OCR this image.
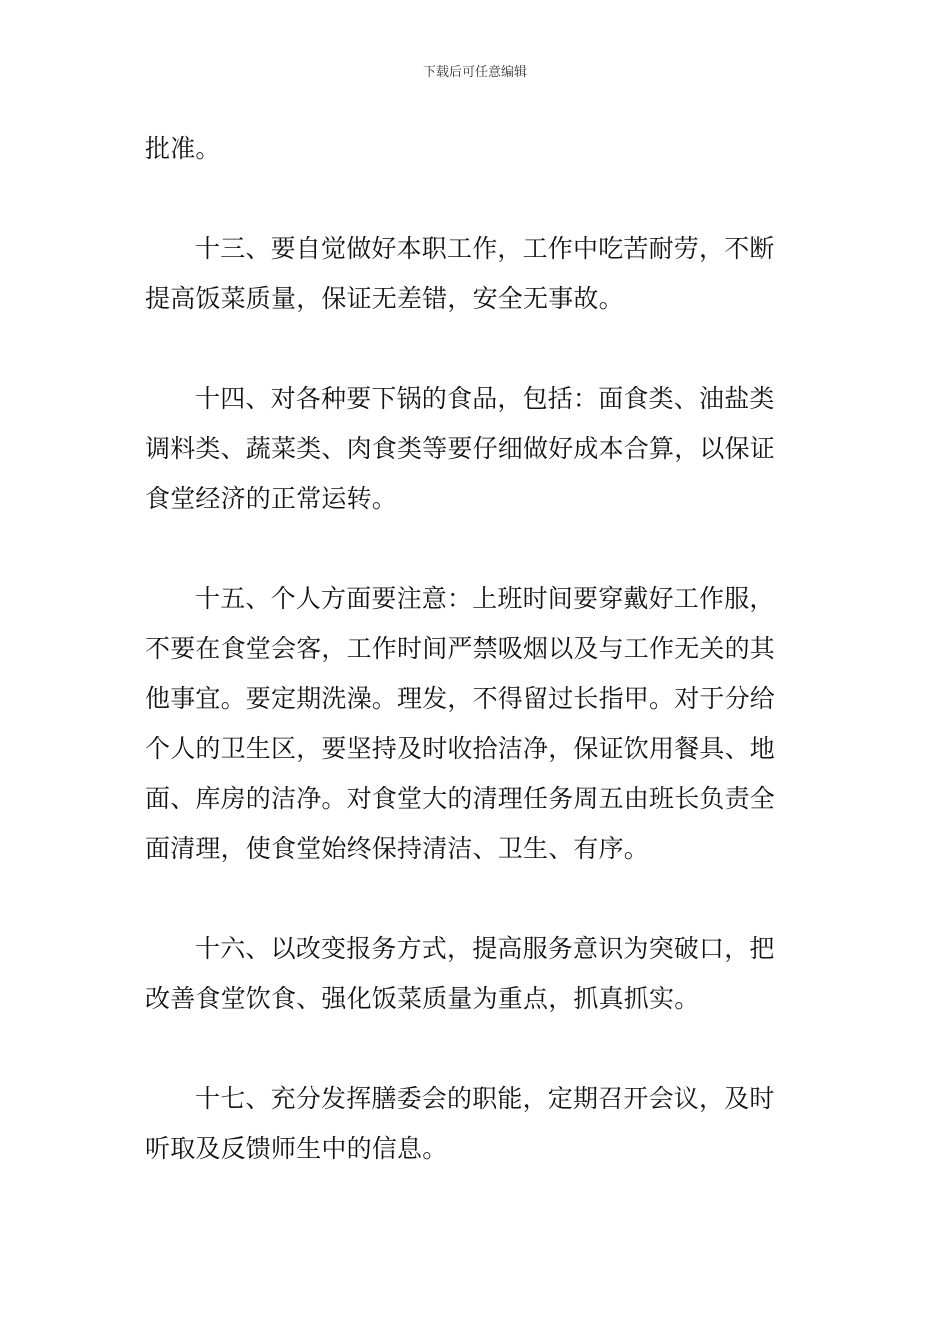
下载后可任意编辑

批准。

十三、要自觉做好本职工作，工作中吃苦耐劳，不断
提高饭菜质量，保证无差错，安全无事故。

十四、对各种要下锅的食品，包括：面食类、油盐类
调料类、蔬菜类、肉食类等要仔细做好成本合算，以保证
食堂经济的正常运转。

十五、个人方面要注意：上班时间要穿戴好工作服，
不要在食堂会客，工作时间严禁吸烟以及与工作无关的其
他事宜。要定期洗澡。理发，不得留过长指甲。对于分给
个人的卫生区，要坚持及时收拾洁净，保证饮用餐具、地
面、库房的洁净。对食堂大的清理任务周五由班长负责全
面清理，使食堂始终保持清洁、卫生、有序。

十六、以改变报务方式，提高服务意识为突破口，把
改善食堂饮食、强化饭菜质量为重点，抓真抓实。

十七、充分发挥膳委会的职能，定期召开会议，及时
听取及反馈师生中的信息。
